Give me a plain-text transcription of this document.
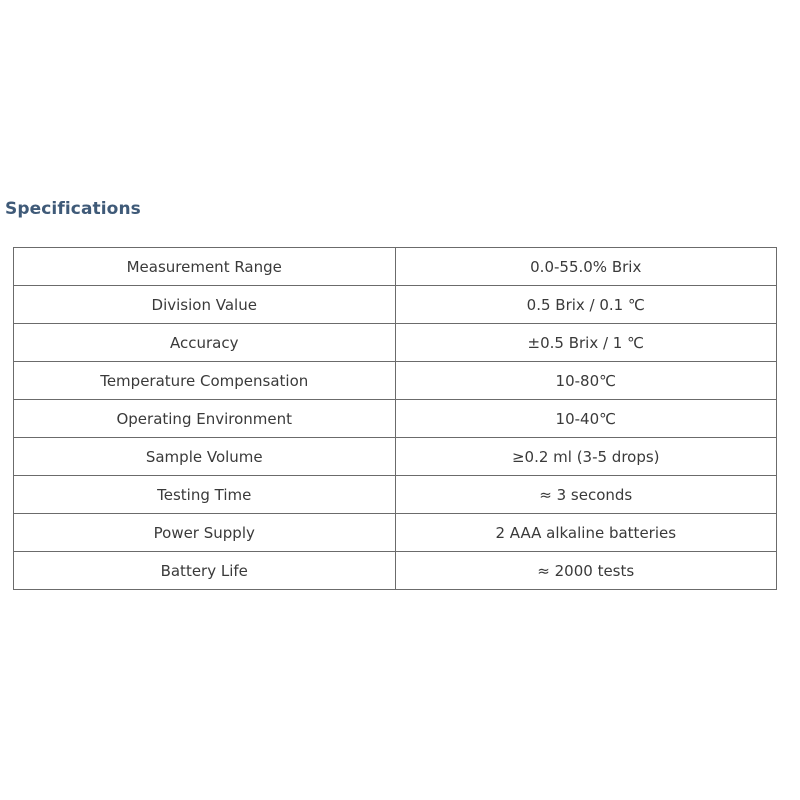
Specifications
Measurement Range	0.0-55.0% Brix
Division Value	0.5 Brix / 0.1 ℃
Accuracy	±0.5 Brix / 1 ℃
Temperature Compensation	10-80℃
Operating Environment	10-40℃
Sample Volume	≥0.2 ml (3-5 drops)
Testing Time	≈ 3 seconds
Power Supply	2 AAA alkaline batteries
Battery Life	≈ 2000 tests
